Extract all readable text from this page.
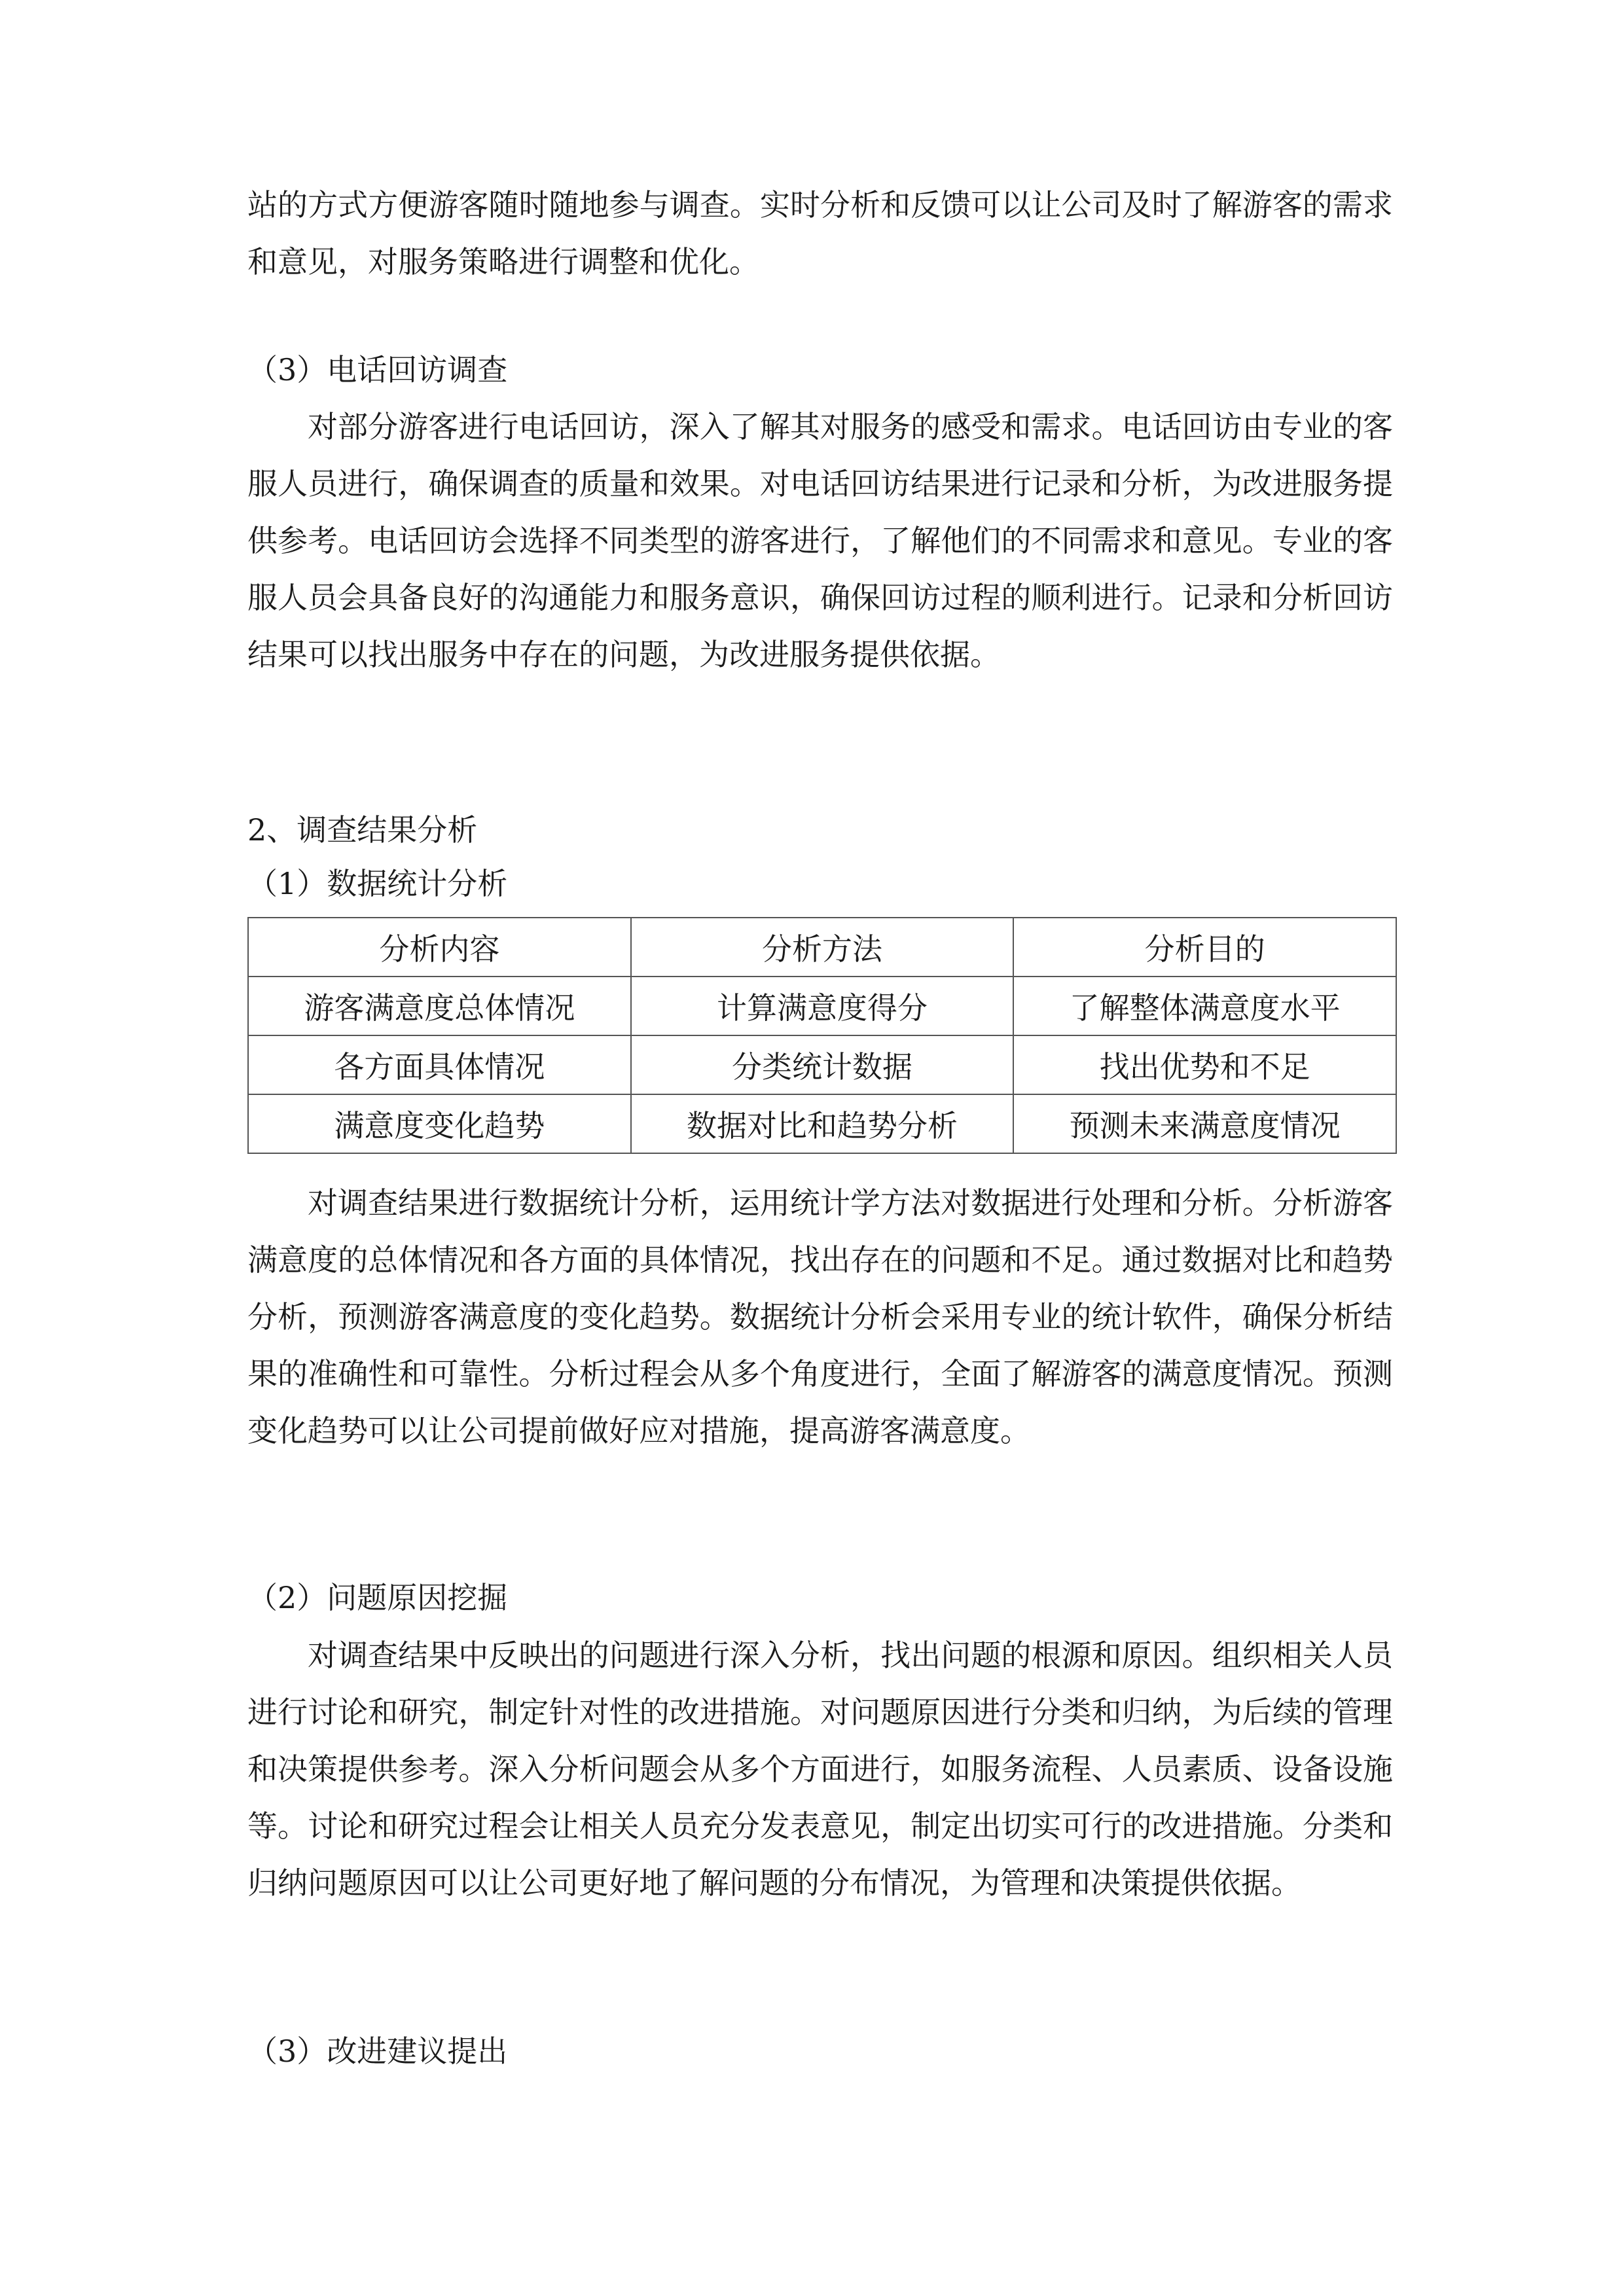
站的方式方便游客随时随地参与调查。实时分析和反馈可以让公司及时了解游客的需求和意见，对服务策略进行调整和优化。

（3）电话回访调查

对部分游客进行电话回访，深入了解其对服务的感受和需求。电话回访由专业的客服人员进行，确保调查的质量和效果。对电话回访结果进行记录和分析，为改进服务提供参考。电话回访会选择不同类型的游客进行，了解他们的不同需求和意见。专业的客服人员会具备良好的沟通能力和服务意识，确保回访过程的顺利进行。记录和分析回访结果可以找出服务中存在的问题，为改进服务提供依据。

2、调查结果分析

（1）数据统计分析

分析内容	分析方法	分析目的
游客满意度总体情况	计算满意度得分	了解整体满意度水平
各方面具体情况	分类统计数据	找出优势和不足
满意度变化趋势	数据对比和趋势分析	预测未来满意度情况

对调查结果进行数据统计分析，运用统计学方法对数据进行处理和分析。分析游客满意度的总体情况和各方面的具体情况，找出存在的问题和不足。通过数据对比和趋势分析，预测游客满意度的变化趋势。数据统计分析会采用专业的统计软件，确保分析结果的准确性和可靠性。分析过程会从多个角度进行，全面了解游客的满意度情况。预测变化趋势可以让公司提前做好应对措施，提高游客满意度。

（2）问题原因挖掘

对调查结果中反映出的问题进行深入分析，找出问题的根源和原因。组织相关人员进行讨论和研究，制定针对性的改进措施。对问题原因进行分类和归纳，为后续的管理和决策提供参考。深入分析问题会从多个方面进行，如服务流程、人员素质、设备设施等。讨论和研究过程会让相关人员充分发表意见，制定出切实可行的改进措施。分类和归纳问题原因可以让公司更好地了解问题的分布情况，为管理和决策提供依据。

（3）改进建议提出
